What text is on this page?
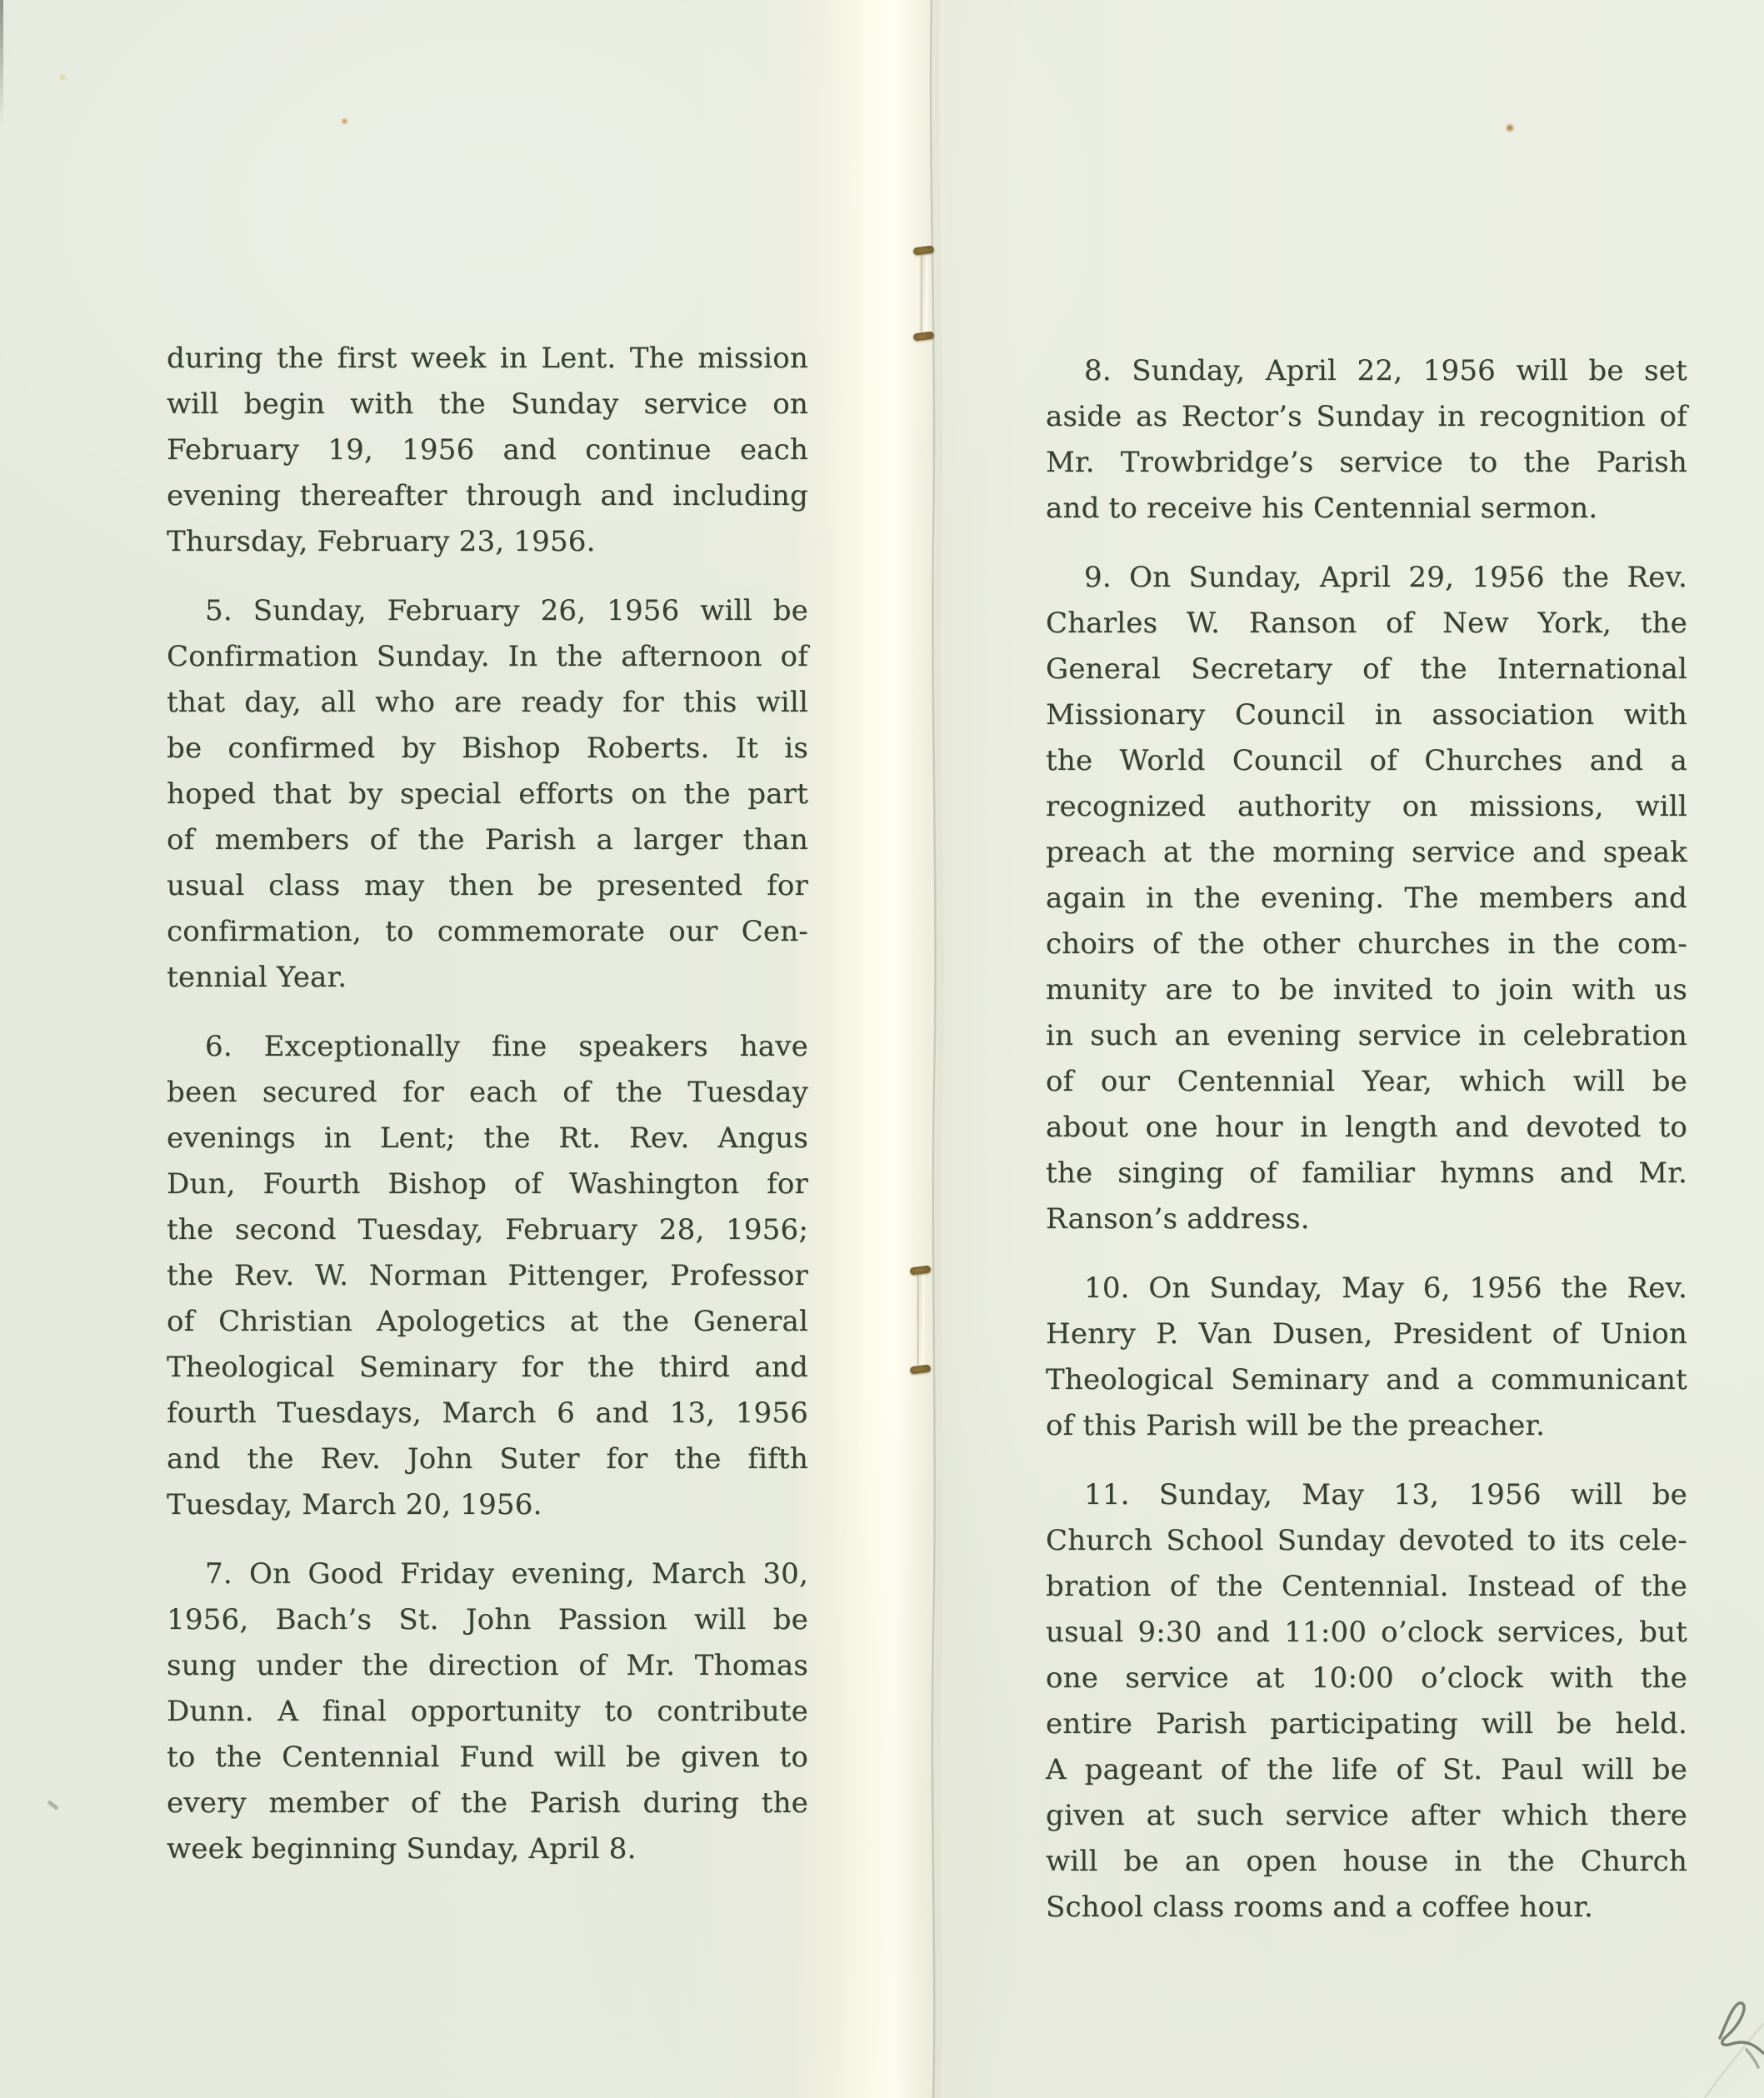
during the first week in Lent. The mission
will begin with the Sunday service on
February 19, 1956 and continue each
evening thereafter through and including
Thursday, February 23, 1956.
5. Sunday, February 26, 1956 will be
Confirmation Sunday. In the afternoon of
that day, all who are ready for this will
be confirmed by Bishop Roberts. It is
hoped that by special efforts on the part
of members of the Parish a larger than
usual class may then be presented for
confirmation, to commemorate our Cen-
tennial Year.
6. Exceptionally fine speakers have
been secured for each of the Tuesday
evenings in Lent; the Rt. Rev. Angus
Dun, Fourth Bishop of Washington for
the second Tuesday, February 28, 1956;
the Rev. W. Norman Pittenger, Professor
of Christian Apologetics at the General
Theological Seminary for the third and
fourth Tuesdays, March 6 and 13, 1956
and the Rev. John Suter for the fifth
Tuesday, March 20, 1956.
7. On Good Friday evening, March 30,
1956, Bach’s St. John Passion will be
sung under the direction of Mr. Thomas
Dunn. A final opportunity to contribute
to the Centennial Fund will be given to
every member of the Parish during the
week beginning Sunday, April 8.
8. Sunday, April 22, 1956 will be set
aside as Rector’s Sunday in recognition of
Mr. Trowbridge’s service to the Parish
and to receive his Centennial sermon.
9. On Sunday, April 29, 1956 the Rev.
Charles W. Ranson of New York, the
General Secretary of the International
Missionary Council in association with
the World Council of Churches and a
recognized authority on missions, will
preach at the morning service and speak
again in the evening. The members and
choirs of the other churches in the com-
munity are to be invited to join with us
in such an evening service in celebration
of our Centennial Year, which will be
about one hour in length and devoted to
the singing of familiar hymns and Mr.
Ranson’s address.
10. On Sunday, May 6, 1956 the Rev.
Henry P. Van Dusen, President of Union
Theological Seminary and a communicant
of this Parish will be the preacher.
11. Sunday, May 13, 1956 will be
Church School Sunday devoted to its cele-
bration of the Centennial. Instead of the
usual 9:30 and 11:00 o’clock services, but
one service at 10:00 o’clock with the
entire Parish participating will be held.
A pageant of the life of St. Paul will be
given at such service after which there
will be an open house in the Church
School class rooms and a coffee hour.
